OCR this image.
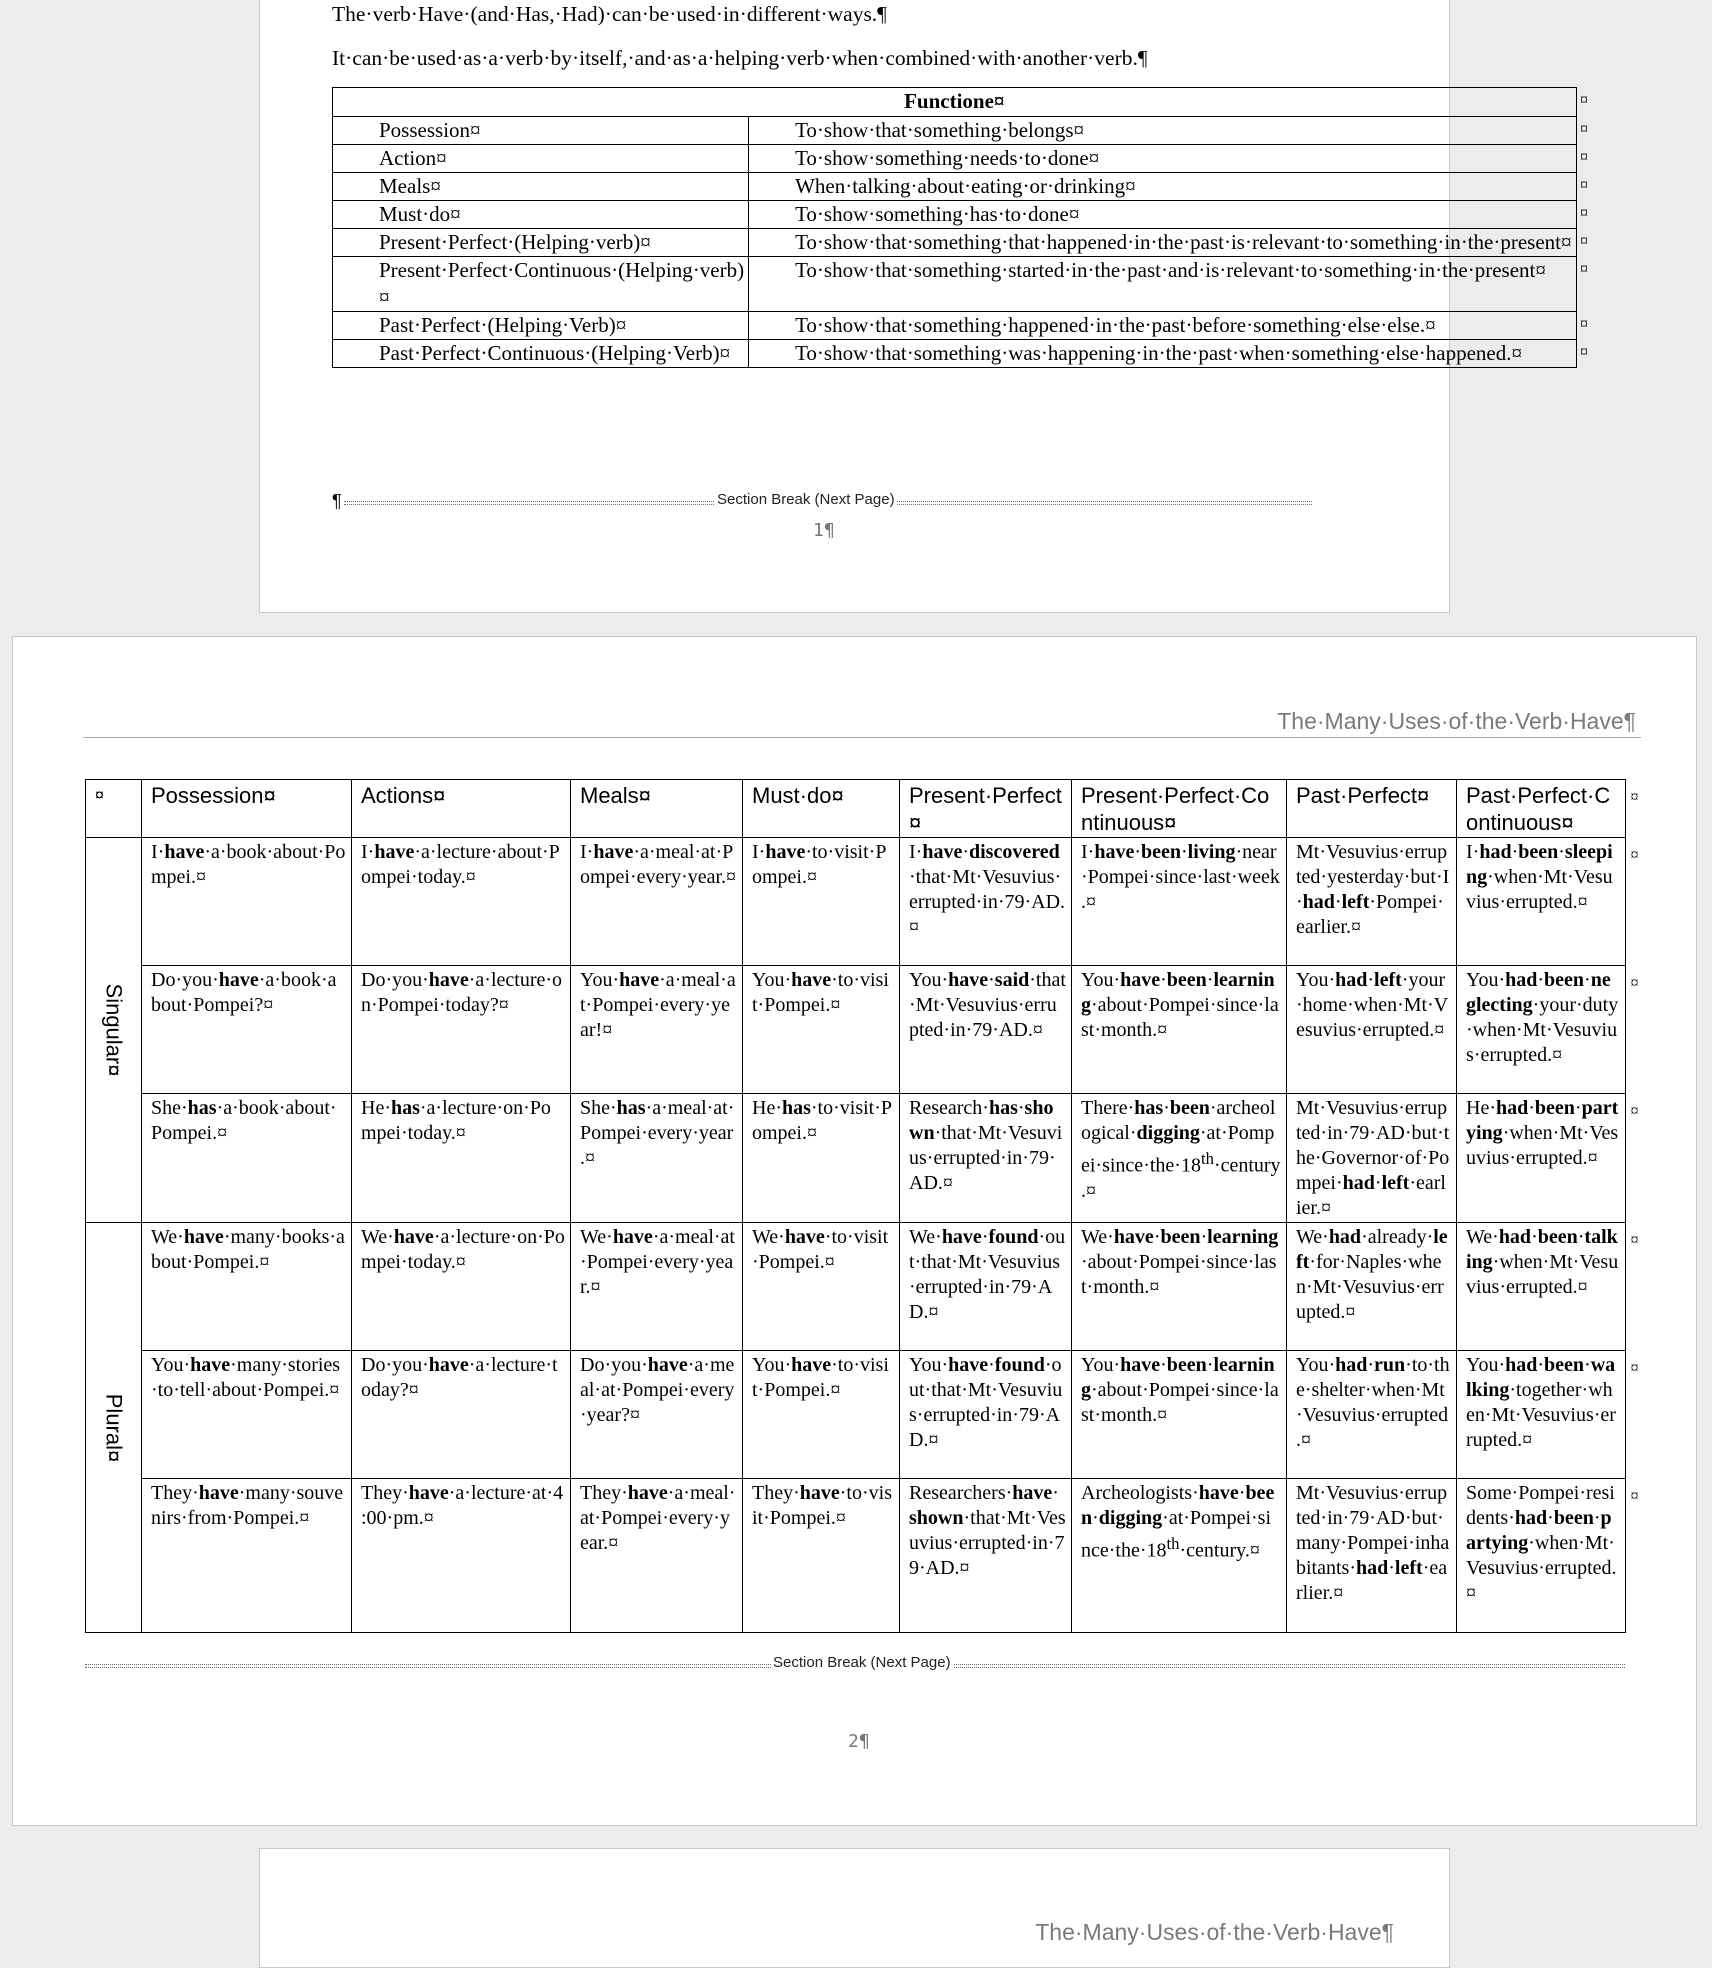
The·verb·Have·(and·Has,·Had)·can·be·used·in·different·ways.¶
It·can·be·used·as·a·verb·by·itself,·and·as·a·helping·verb·when·combined·with·another·verb.¶
Functione¤	
Possession¤	To·show·that·something·belongs¤
Action¤	To·show·something·needs·to·done¤
Meals¤	When·talking·about·eating·or·drinking¤
Must·do¤	To·show·something·has·to·done¤
Present·Perfect·(Helping·verb)¤	To·show·that·something·that·happened·in·the·past·is·relevant·to·something·in·the·present¤
Present·Perfect·Continuous·(Helping·verb)¤	To·show·that·something·started·in·the·past·and·is·relevant·to·something·in·the·present¤
Past·Perfect·(Helping·Verb)¤	To·show·that·something·happened·in·the·past·before·something·else·else.¤
Past·Perfect·Continuous·(Helping·Verb)¤	To·show·that·something·was·happening·in·the·past·when·something·else·happened.¤
¤
¤
¤
¤
¤
¤
¤
¤
¤
¶	Section Break (Next Page)
1¶
The·Many·Uses·of·the·Verb·Have¶
¤	Possession¤	Actions¤	Meals¤	Must·do¤	Present·Perfect¤	Present·Perfect·Continuous¤	Past·Perfect¤	Past·Perfect·Continuous¤

Singular¤	I·have·a·book·about·Pompei.¤	I·have·a·lecture·about·Pompei·today.¤	I·have·a·meal·at·Pompei·every·year.¤	I·have·to·visit·Pompei.¤	I·have·discovered·that·Mt·Vesuvius·errupted·in·79·AD.¤	I·have·been·living·near·Pompei·since·last·week.¤	Mt·Vesuvius·errupted·yesterday·but·I·had·left·Pompei·earlier.¤	I·had·been·sleeping·when·Mt·Vesuvius·errupted.¤
	Do·you·have·a·book·about·Pompei?¤	Do·you·have·a·lecture·on·Pompei·today?¤	You·have·a·meal·at·Pompei·every·year!¤	You·have·to·visit·Pompei.¤	You·have·said·that·Mt·Vesuvius·errupted·in·79·AD.¤	You·have·been·learning·about·Pompei·since·last·month.¤	You·had·left·your·home·when·Mt·Vesuvius·errupted.¤	You·had·been·neglecting·your·duty·when·Mt·Vesuvius·errupted.¤
	She·has·a·book·about·Pompei.¤	He·has·a·lecture·on·Pompei·today.¤	She·has·a·meal·at·Pompei·every·year.¤	He·has·to·visit·Pompei.¤	Research·has·shown·that·Mt·Vesuvius·errupted·in·79·AD.¤	There·has·been·archeological·digging·at·Pompei·since·the·18th·century.¤	Mt·Vesuvius·errupted·in·79·AD·but·the·Governor·of·Pompei·had·left·earlier.¤	He·had·been·partying·when·Mt·Vesuvius·errupted.¤

Plural¤	We·have·many·books·about·Pompei.¤	We·have·a·lecture·on·Pompei·today.¤	We·have·a·meal·at·Pompei·every·year.¤	We·have·to·visit·Pompei.¤	We·have·found·out·that·Mt·Vesuvius·errupted·in·79·AD.¤	We·have·been·learning·about·Pompei·since·last·month.¤	We·had·already·left·for·Naples·when·Mt·Vesuvius·errupted.¤	We·had·been·talking·when·Mt·Vesuvius·errupted.¤
	You·have·many·stories·to·tell·about·Pompei.¤	Do·you·have·a·lecture·today?¤	Do·you·have·a·meal·at·Pompei·every·year?¤	You·have·to·visit·Pompei.¤	You·have·found·out·that·Mt·Vesuvius·errupted·in·79·AD.¤	You·have·been·learning·about·Pompei·since·last·month.¤	You·had·run·to·the·shelter·when·Mt·Vesuvius·errupted.¤	You·had·been·walking·together·when·Mt·Vesuvius·errupted.¤
	They·have·many·souvenirs·from·Pompei.¤	They·have·a·lecture·at·4:00·pm.¤	They·have·a·meal·at·Pompei·every·year.¤	They·have·to·visit·Pompei.¤	Researchers·have·shown·that·Mt·Vesuvius·errupted·in·79·AD.¤	Archeologists·have·been·digging·at·Pompei·since·the·18th·century.¤	Mt·Vesuvius·errupted·in·79·AD·but·many·Pompei·inhabitants·had·left·earlier.¤	Some·Pompei·residents·had·been·partying·when·Mt·Vesuvius·errupted.¤
¤
¤
¤
¤
¤
¤
¤
Section Break (Next Page)
2¶
The·Many·Uses·of·the·Verb·Have¶
